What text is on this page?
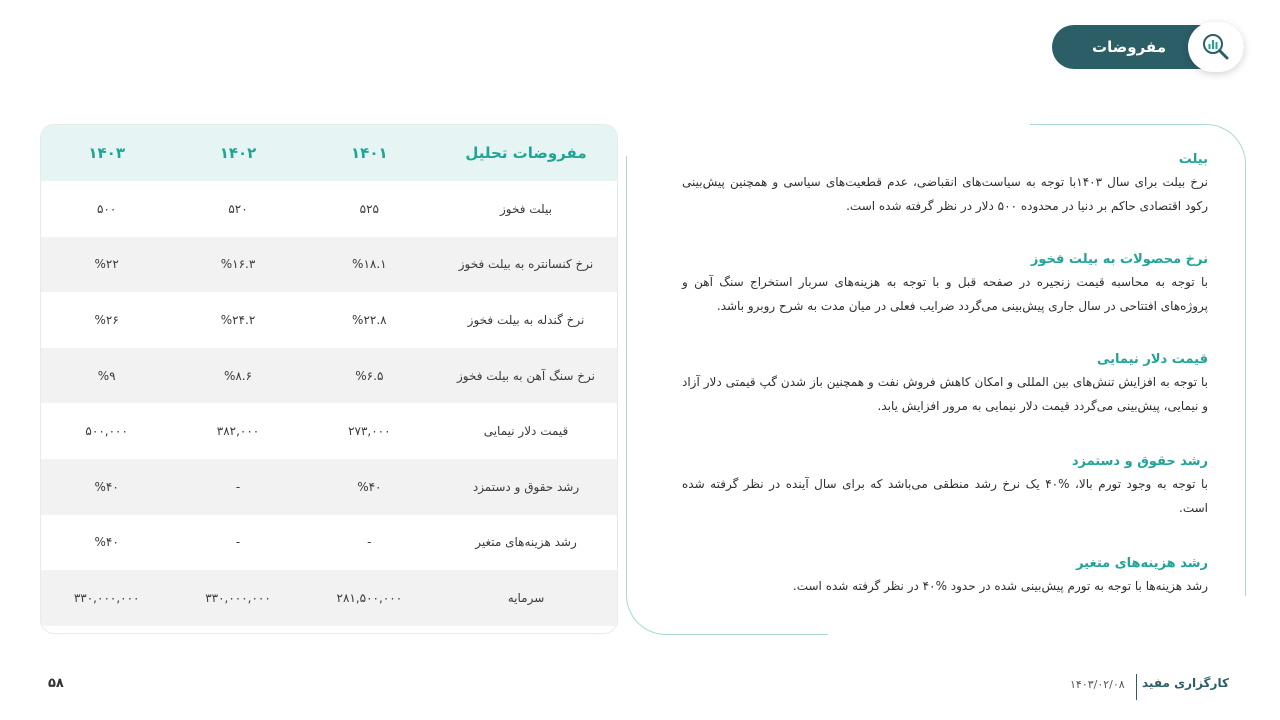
مفروضات
مفروضات تحلیل	۱۴۰۱	۱۴۰۲	۱۴۰۳
بیلت فخوز	۵۲۵	۵۲۰	۵۰۰
نرخ کنسانتره به بیلت فخوز	%۱۸.۱	%۱۶.۳	%۲۲
نرخ گندله به بیلت فخوز	%۲۲.۸	%۲۴.۲	%۲۶
نرخ سنگ آهن به بیلت فخوز	%۶.۵	%۸.۶	%۹
قیمت دلار نیمایی	۲۷۳,۰۰۰	۳۸۲,۰۰۰	۵۰۰,۰۰۰
رشد حقوق و دستمزد	%۴۰	-	%۴۰
رشد هزینه‌های متغیر	-	-	%۴۰
سرمایه	۲۸۱,۵۰۰,۰۰۰	۳۳۰,۰۰۰,۰۰۰	۳۳۰,۰۰۰,۰۰۰
بیلت
نرخ بیلت برای سال ۱۴۰۳با توجه به سیاست‌های انقباضی، عدم قطعیت‌های سیاسی و همچنین پیش‌بینی رکود اقتصادی حاکم بر دنیا در محدوده ۵۰۰ دلار در نظر گرفته شده است.
نرخ محصولات به بیلت فخوز
با توجه به محاسبه قیمت زنجیره در صفحه قبل و با توجه به هزینه‌های سربار استخراج سنگ آهن و پروژه‌های افتتاحی در سال جاری پیش‌بینی می‌گردد ضرایب فعلی در میان مدت به شرح روبرو باشد.
قیمت دلار نیمایی
با توجه به افزایش تنش‌های بین المللی و امکان کاهش فروش نفت و همچنین باز شدن گپ قیمتی دلار آزاد و نیمایی، پیش‌بینی می‌گردد قیمت دلار نیمایی به مرور افزایش یابد.
رشد حقوق و دستمزد
با توجه به وجود تورم بالا، %۴۰ یک نرخ رشد منطقی می‌باشد که برای سال آینده در نظر گرفته شده است.
رشد هزینه‌های متغیر
رشد هزینه‌ها با توجه به تورم پیش‌بینی شده در حدود %۴۰ در نظر گرفته شده است.
کارگزاری مفید
۱۴۰۳/۰۲/۰۸
۵۸
